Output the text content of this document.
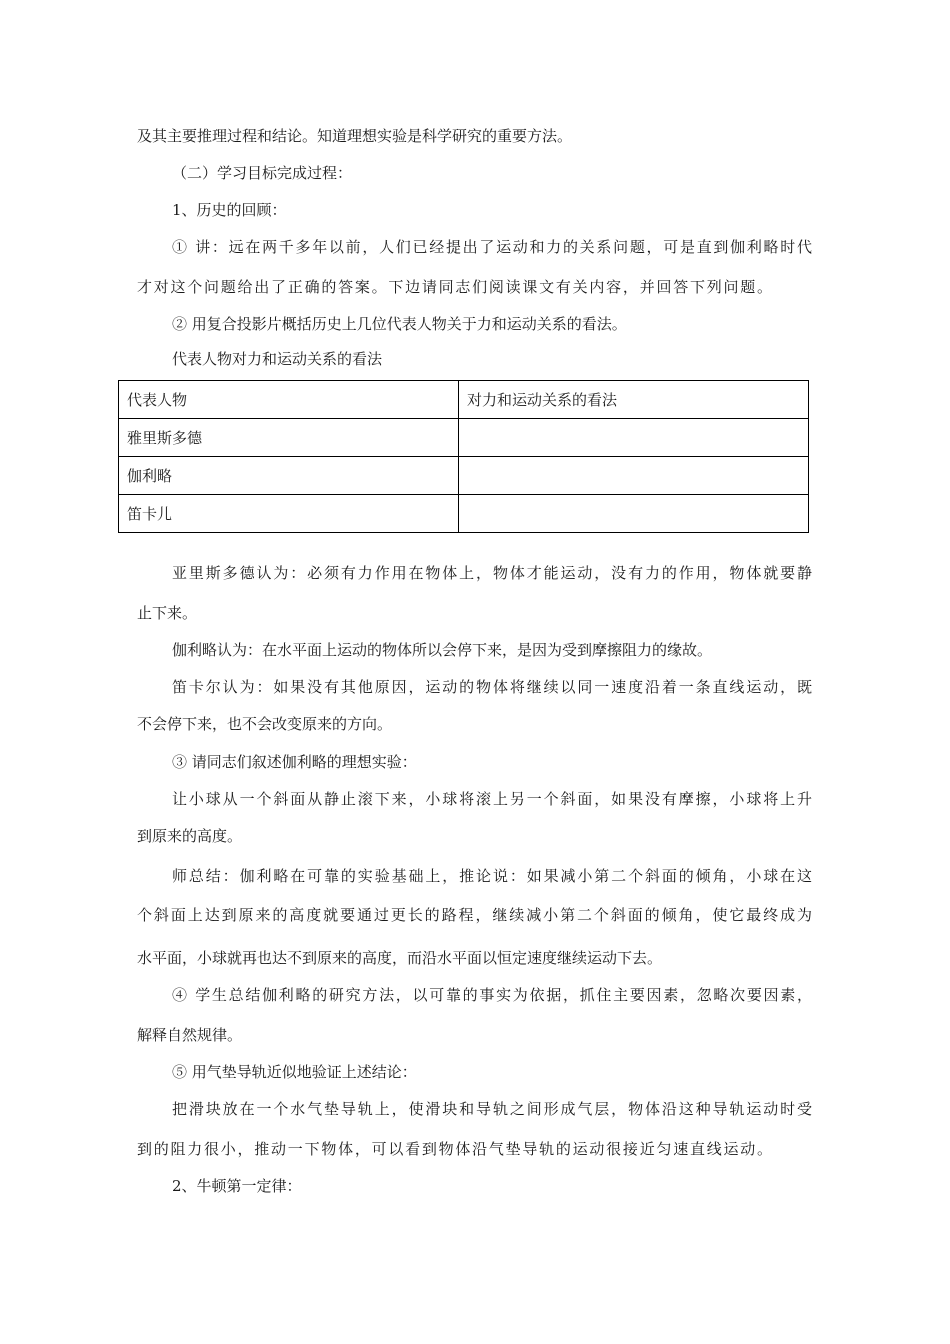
及其主要推理过程和结论。知道理想实验是科学研究的重要方法。
（二）学习目标完成过程：
1、历史的回顾：
① 讲：远在两千多年以前，人们已经提出了运动和力的关系问题，可是直到伽利略时代
才对这个问题给出了正确的答案。下边请同志们阅读课文有关内容，并回答下列问题。
② 用复合投影片概括历史上几位代表人物关于力和运动关系的看法。
代表人物对力和运动关系的看法
代表人物	对力和运动关系的看法
雅里斯多德	
伽利略	
笛卡儿	
亚里斯多德认为：必须有力作用在物体上，物体才能运动，没有力的作用，物体就要静
止下来。
伽利略认为：在水平面上运动的物体所以会停下来，是因为受到摩擦阻力的缘故。
笛卡尔认为：如果没有其他原因，运动的物体将继续以同一速度沿着一条直线运动，既
不会停下来，也不会改变原来的方向。
③ 请同志们叙述伽利略的理想实验：
让小球从一个斜面从静止滚下来，小球将滚上另一个斜面，如果没有摩擦，小球将上升
到原来的高度。
师总结：伽利略在可靠的实验基础上，推论说：如果减小第二个斜面的倾角，小球在这
个斜面上达到原来的高度就要通过更长的路程，继续减小第二个斜面的倾角，使它最终成为
水平面，小球就再也达不到原来的高度，而沿水平面以恒定速度继续运动下去。
④ 学生总结伽利略的研究方法，以可靠的事实为依据，抓住主要因素，忽略次要因素，
解释自然规律。
⑤ 用气垫导轨近似地验证上述结论：
把滑块放在一个水气垫导轨上，使滑块和导轨之间形成气层，物体沿这种导轨运动时受
到的阻力很小，推动一下物体，可以看到物体沿气垫导轨的运动很接近匀速直线运动。
2、牛顿第一定律：
